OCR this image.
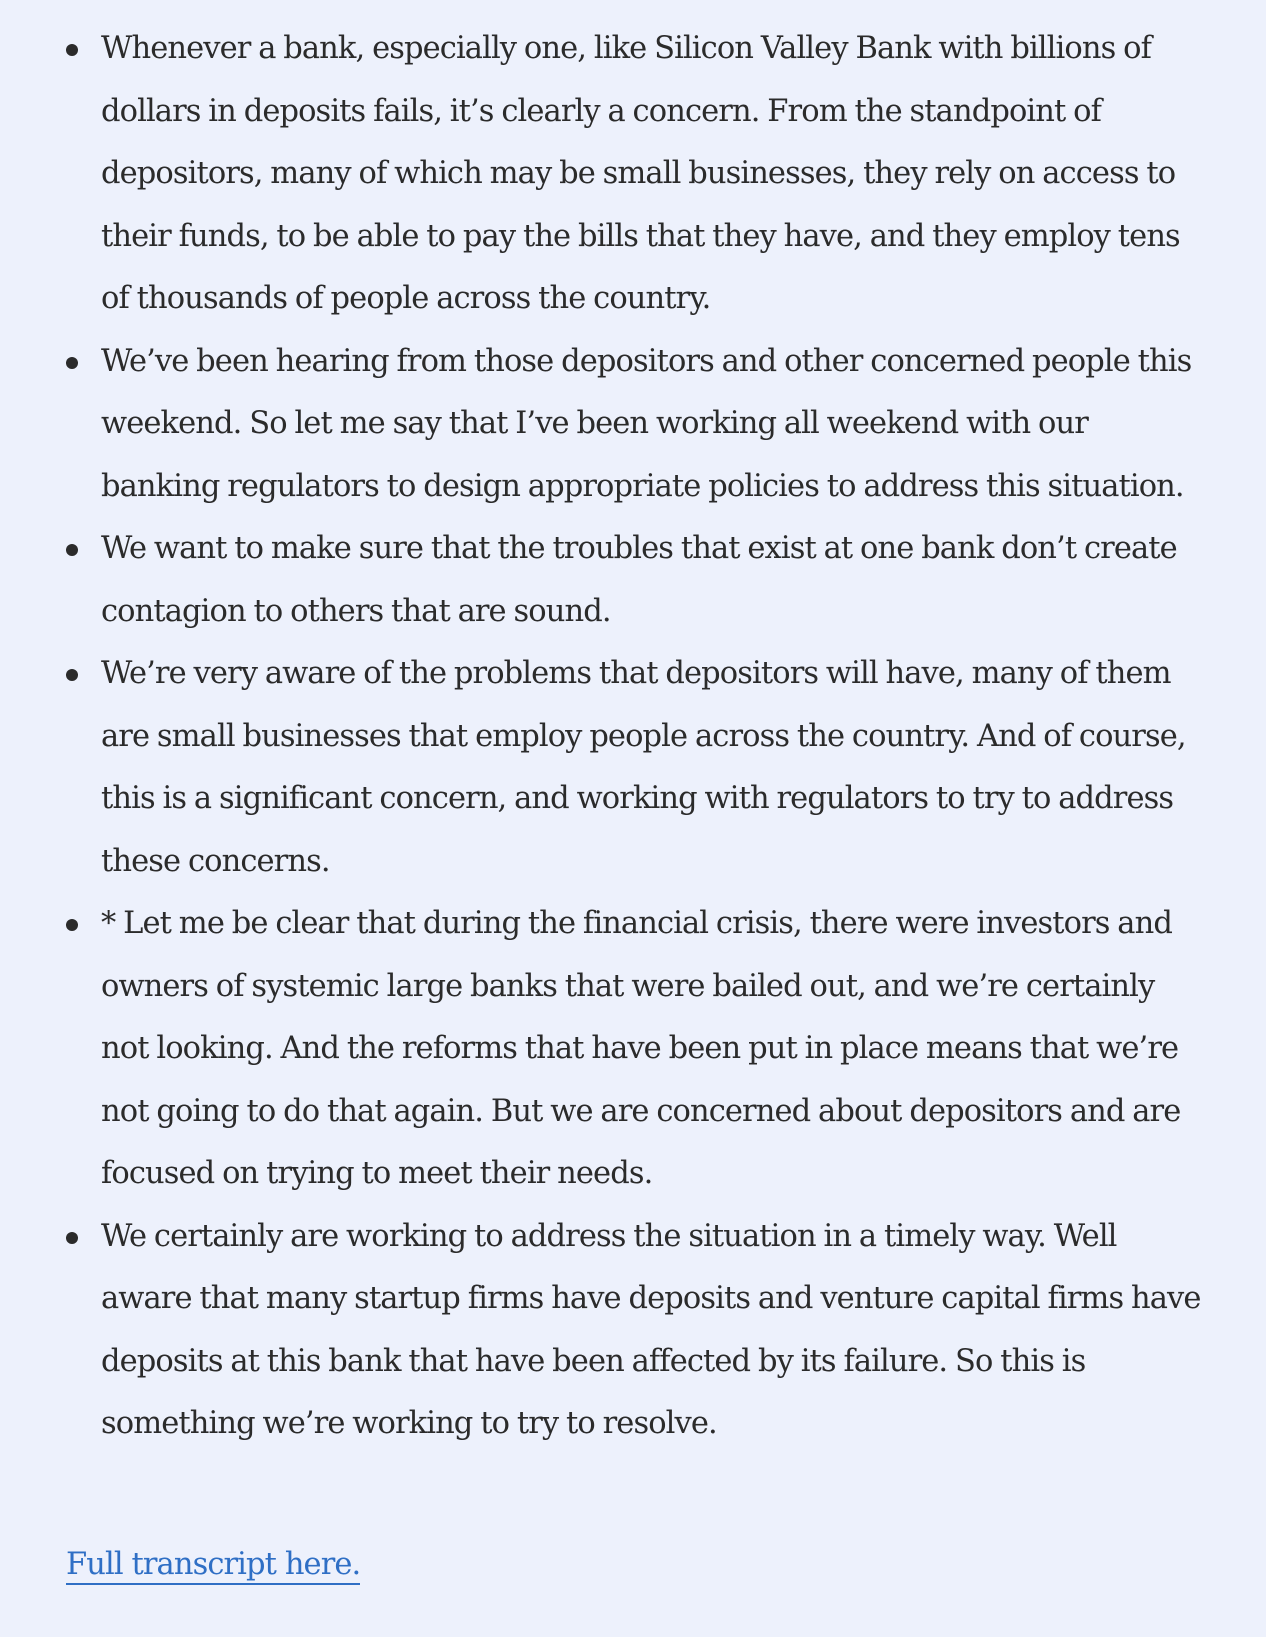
Whenever a bank, especially one, like Silicon Valley Bank with billions of dollars in deposits fails, it’s clearly a concern. From the standpoint of depositors, many of which may be small businesses, they rely on access to their funds, to be able to pay the bills that they have, and they employ tens of thousands of people across the country.
We’ve been hearing from those depositors and other concerned people this weekend. So let me say that I’ve been working all weekend with our banking regulators to design appropriate policies to address this situation.
We want to make sure that the troubles that exist at one bank don’t create contagion to others that are sound.
We’re very aware of the problems that depositors will have, many of them are small businesses that employ people across the country. And of course, this is a significant concern, and working with regulators to try to address these concerns.
* Let me be clear that during the financial crisis, there were investors and owners of systemic large banks that were bailed out, and we’re certainly not looking. And the reforms that have been put in place means that we’re not going to do that again. But we are concerned about depositors and are focused on trying to meet their needs.
We certainly are working to address the situation in a timely way. Well aware that many startup firms have deposits and venture capital firms have deposits at this bank that have been affected by its failure. So this is something we’re working to try to resolve.
Full transcript here.
